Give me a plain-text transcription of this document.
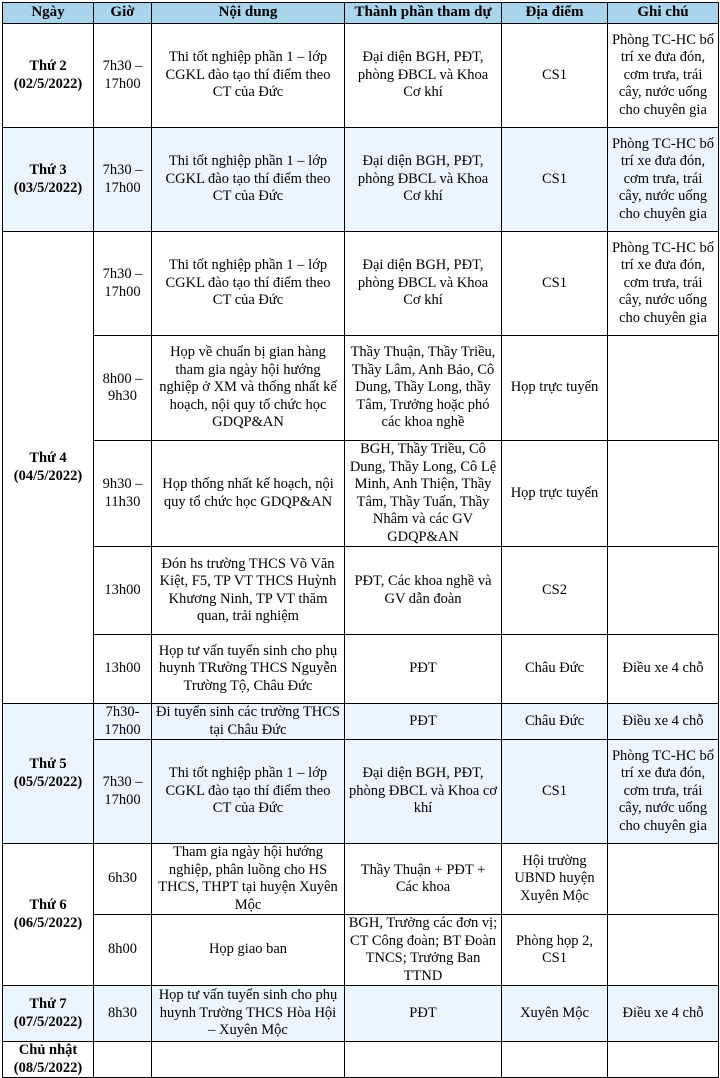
Ngày	Giờ	Nội dung	Thành phần tham dự	Địa điểm	Ghi chú

Thứ 2
(02/5/2022)	7h30 – 17h00	Thi tốt nghiệp phần 1 – lớp CGKL đào tạo thí điểm theo CT của Đức	Đại diện BGH, PĐT, phòng ĐBCL và Khoa Cơ khí	CS1	Phòng TC-HC bố trí xe đưa đón, cơm trưa, trái cây, nước uống cho chuyên gia

Thứ 3
(03/5/2022)	7h30 – 17h00	Thi tốt nghiệp phần 1 – lớp CGKL đào tạo thí điểm theo CT của Đức	Đại diện BGH, PĐT, phòng ĐBCL và Khoa Cơ khí	CS1	Phòng TC-HC bố trí xe đưa đón, cơm trưa, trái cây, nước uống cho chuyên gia

Thứ 4
(04/5/2022)	7h30 – 17h00	Thi tốt nghiệp phần 1 – lớp CGKL đào tạo thí điểm theo CT của Đức	Đại diện BGH, PĐT, phòng ĐBCL và Khoa Cơ khí	CS1	Phòng TC-HC bố trí xe đưa đón, cơm trưa, trái cây, nước uống cho chuyên gia
	8h00 – 9h30	Họp về chuẩn bị gian hàng tham gia ngày hội hướng nghiệp ở XM và thống nhất kế hoạch, nội quy tổ chức học GDQP&AN	Thầy Thuận, Thầy Triều, Thầy Lâm, Anh Bảo, Cô Dung, Thầy Long, thầy Tâm, Trưởng hoặc phó các khoa nghề	Họp trực tuyến	
	9h30 – 11h30	Họp thống nhất kế hoạch, nội quy tổ chức học GDQP&AN	BGH, Thầy Triều, Cô Dung, Thầy Long, Cô Lệ Minh, Anh Thiện, Thầy Tâm, Thầy Tuấn, Thầy Nhâm và các GV GDQP&AN	Họp trực tuyến	
	13h00	Đón hs trường THCS Võ Văn Kiệt, F5, TP VT THCS Huỳnh Khương Ninh, TP VT thăm quan, trải nghiệm	PĐT, Các khoa nghề và GV dẫn đoàn	CS2	
	13h00	Họp tư vấn tuyển sinh cho phụ huynh TRường THCS Nguyễn Trường Tộ, Châu Đức	PĐT	Châu Đức	Điều xe 4 chỗ

Thứ 5
(05/5/2022)	7h30- 17h00	Đi tuyển sinh các trường THCS tại Châu Đức	PĐT	Châu Đức	Điều xe 4 chỗ
	7h30 – 17h00	Thi tốt nghiệp phần 1 – lớp CGKL đào tạo thí điểm theo CT của Đức	Đại diện BGH, PĐT, phòng ĐBCL và Khoa cơ khí	CS1	Phòng TC-HC bố trí xe đưa đón, cơm trưa, trái cây, nước uống cho chuyên gia

Thứ 6
(06/5/2022)	6h30	Tham gia ngày hội hướng nghiệp, phân luồng cho HS THCS, THPT tại huyện Xuyên Mộc	Thầy Thuận + PĐT + Các khoa	Hội trường UBND huyện Xuyên Mộc	
	8h00	Họp giao ban	BGH, Trưởng các đơn vị; CT Công đoàn; BT Đoàn TNCS; Trưởng Ban TTND	Phòng họp 2, CS1	

Thứ 7
(07/5/2022)	8h30	Họp tư vấn tuyển sinh cho phụ huynh Trường THCS Hòa Hội – Xuyên Mộc	PĐT	Xuyên Mộc	Điều xe 4 chỗ

Chủ nhật
(08/5/2022)					
